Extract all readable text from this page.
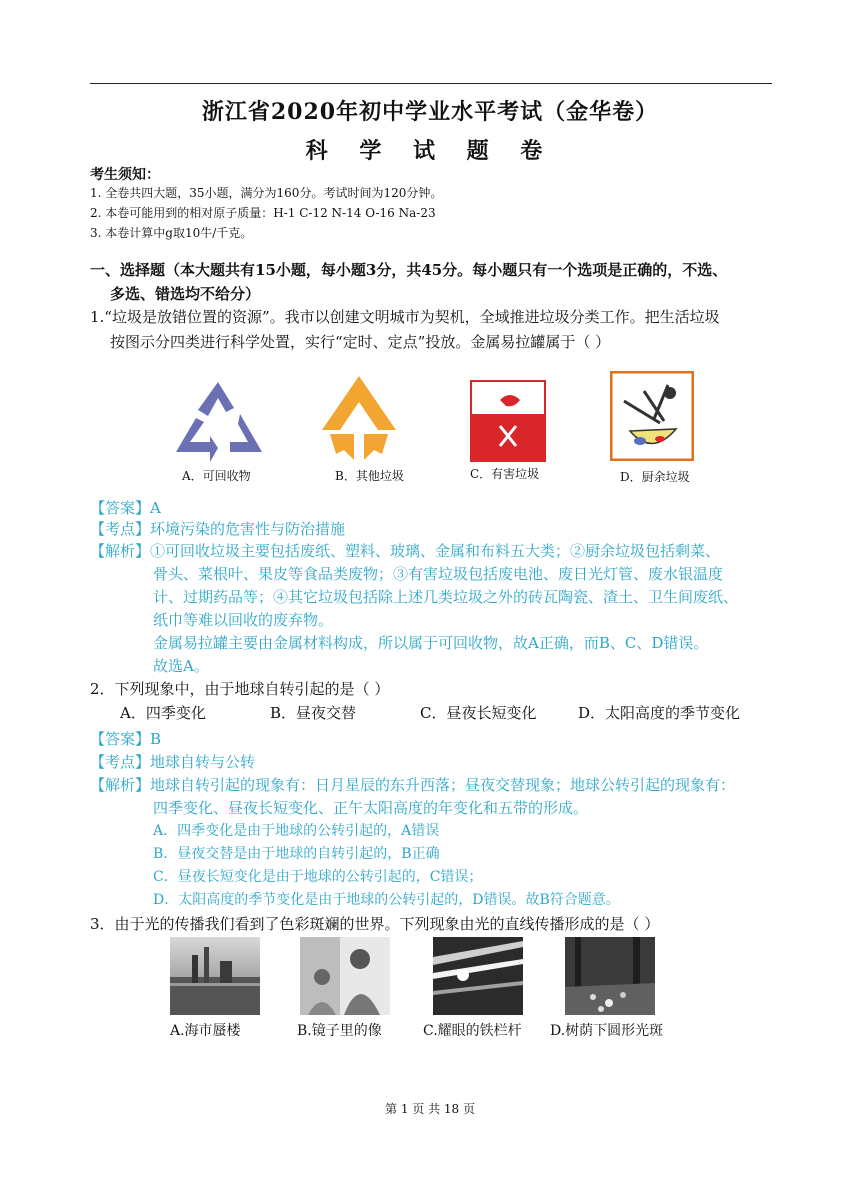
浙江省2020年初中学业水平考试（金华卷）
科 学 试 题 卷
考生须知：
1. 全卷共四大题，35小题，满分为160分。考试时间为120分钟。
2. 本卷可能用到的相对原子质量：H-1 C-12 N-14 O-16 Na-23
3. 本卷计算中g取10牛/千克。
一、选择题（本大题共有15小题，每小题3分，共45分。每小题只有一个选项是正确的，不选、
多选、错选均不给分）
1.“垃圾是放错位置的资源”。我市以创建文明城市为契机，全域推进垃圾分类工作。把生活垃圾
按图示分四类进行科学处置，实行“定时、定点”投放。金属易拉罐属于（ ）
A．可回收物	B．其他垃圾	C．有害垃圾	D．厨余垃圾
【答案】A
【考点】环境污染的危害性与防治措施
【解析】①可回收垃圾主要包括废纸、塑料、玻璃、金属和布料五大类；②厨余垃圾包括剩菜、
骨头、菜根叶、果皮等食品类废物；③有害垃圾包括废电池、废日光灯管、废水银温度
计、过期药品等；④其它垃圾包括除上述几类垃圾之外的砖瓦陶瓷、渣土、卫生间废纸、
纸巾等难以回收的废弃物。
金属易拉罐主要由金属材料构成，所以属于可回收物，故A正确，而B、C、D错误。
故选A。
2．下列现象中，由于地球自转引起的是（ ）
A．四季变化	B．昼夜交替	C．昼夜长短变化	D．太阳高度的季节变化
【答案】B
【考点】地球自转与公转
【解析】地球自转引起的现象有：日月星辰的东升西落；昼夜交替现象；地球公转引起的现象有：
四季变化、昼夜长短变化、正午太阳高度的年变化和五带的形成。
A．四季变化是由于地球的公转引起的，A错误
B．昼夜交替是由于地球的自转引起的，B正确
C．昼夜长短变化是由于地球的公转引起的，C错误；
D．太阳高度的季节变化是由于地球的公转引起的，D错误。故B符合题意。
3．由于光的传播我们看到了色彩斑斓的世界。下列现象由光的直线传播形成的是（ ）
A.海市蜃楼	B.镜子里的像	C.耀眼的铁栏杆 D.树荫下圆形光斑
第 1 页 共 18 页
